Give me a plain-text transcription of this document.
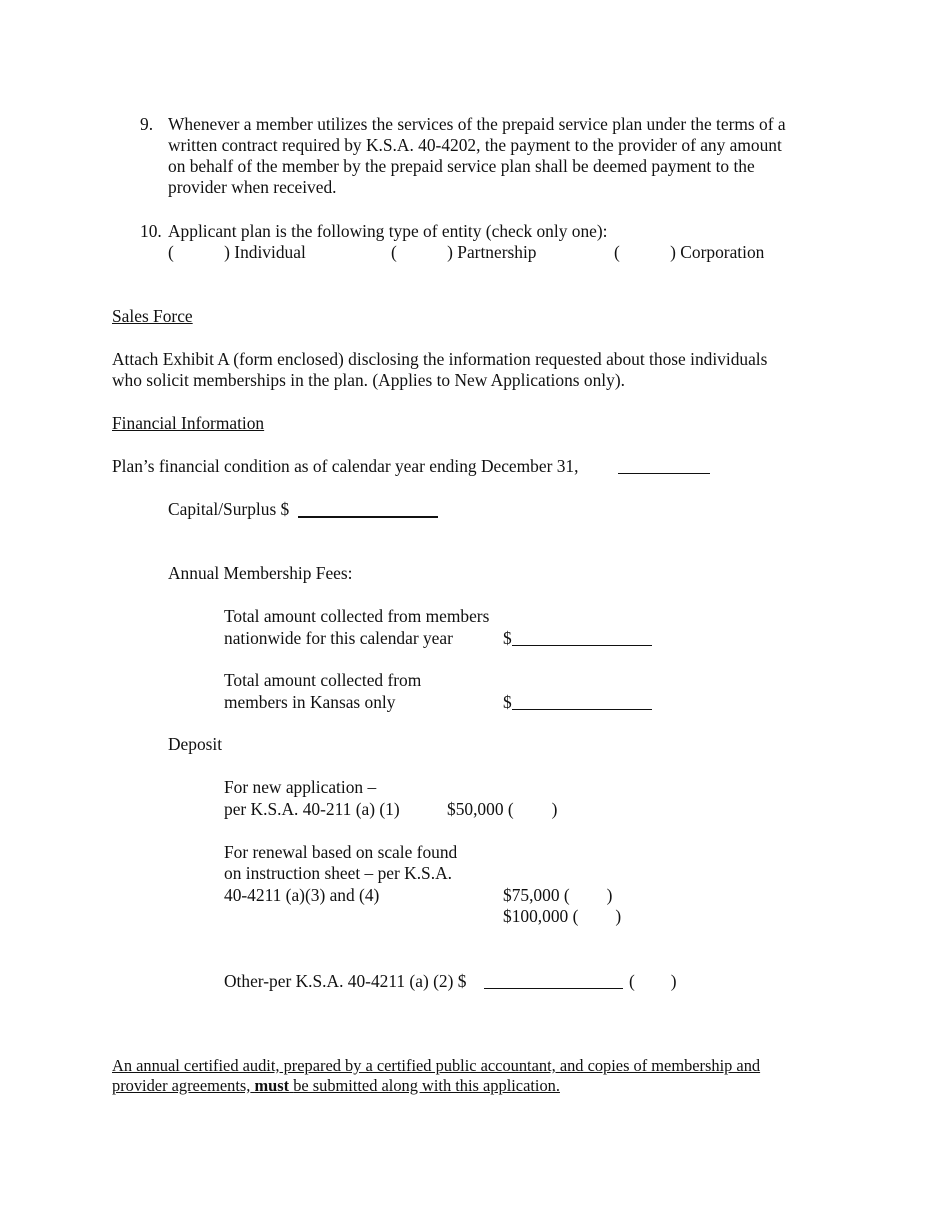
9. Whenever a member utilizes the services of the prepaid service plan under the terms of a
written contract required by K.S.A. 40-4202, the payment to the provider of any amount
on behalf of the member by the prepaid service plan shall be deemed payment to the
provider when received.
10. Applicant plan is the following type of entity (check only one):
(	) Individual	(	) Partnership	(	) Corporation
Sales Force
Attach Exhibit A (form enclosed) disclosing the information requested about those individuals
who solicit memberships in the plan. (Applies to New Applications only).
Financial Information
Plan’s financial condition as of calendar year ending December 31,
Capital/Surplus $
Annual Membership Fees:
Total amount collected from members
nationwide for this calendar year	$
Total amount collected from
members in Kansas only	$
Deposit
For new application –
per K.S.A. 40-211 (a) (1)	$50,000 ( )
For renewal based on scale found
on instruction sheet – per K.S.A.
40-4211 (a)(3) and (4)	$75,000 ( )
$100,000 ( )
Other-per K.S.A. 40-4211 (a) (2) $	( )
An annual certified audit, prepared by a certified public accountant, and copies of membership and
provider agreements, must be submitted along with this application.
